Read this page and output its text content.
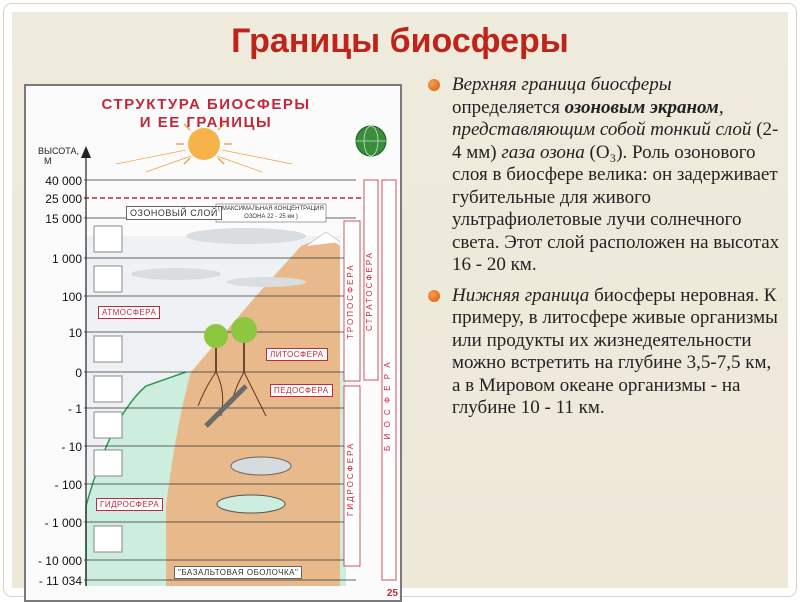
Границы биосферы
СТРУКТУРА БИОСФЕРЫ
И ЕЕ ГРАНИЦЫ
ВЫСОТА,
М
40 000
25 000
15 000
1 000
100
10
0
- 1
- 10
- 100
- 1 000
- 10 000
- 11 034
ОЗОНОВЫЙ СЛОЙ ( МАКСИМАЛЬНАЯ КОНЦЕНТРАЦИЯ ОЗОНА 22 - 25 км )
АТМОСФЕРА
ЛИТОСФЕРА
ПЕДОСФЕРА
ГИДРОСФЕРА
"БАЗАЛЬТОВАЯ ОБОЛОЧКА"
ТРОПОСФЕРА СТРАТОСФЕРА
ГИДРОСФЕРА
Б И О С Ф Е Р А
25
Верхняя граница биосферы определяется озоновым экраном, представляющим собой тонкий слой (2-4 мм) газа озона (О₃). Роль озонового слоя в биосфере велика: он задерживает губительные для живого ультрафиолетовые лучи солнечного света. Этот слой расположен на высотах 16 - 20 км.
Нижняя граница биосферы неровная. К примеру, в литосфере живые организмы или продукты их жизнедеятельности можно встретить на глубине 3,5-7,5 км, а в Мировом океане организмы - на глубине 10 - 11 км.
